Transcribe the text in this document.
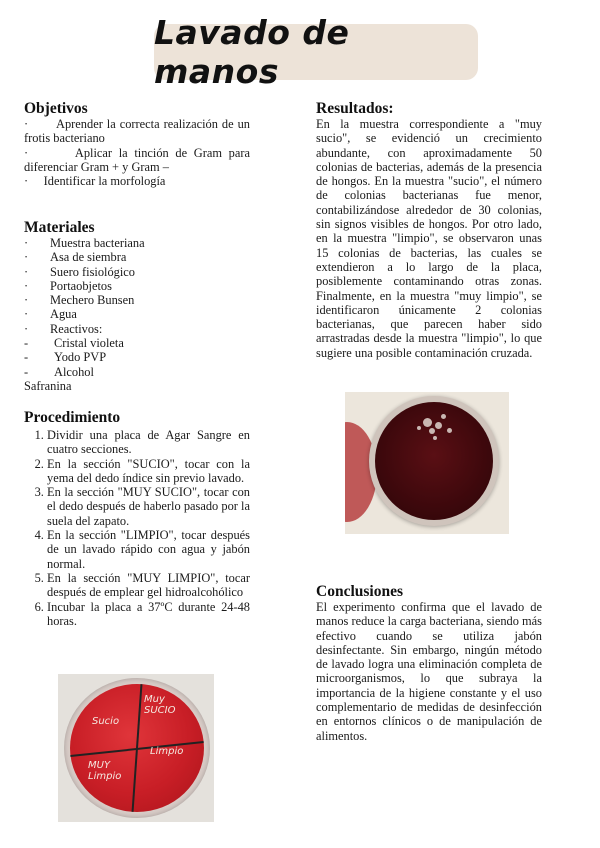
Lavado de manos
Objetivos
· Aprender la correcta realización de un frotis bacteriano
·	Aplicar la tinción de Gram para diferenciar Gram + y Gram –
· Identificar la morfología
Materiales
·	Muestra bacteriana
·	Asa de siembra
·	Suero fisiológico
·	Portaobjetos
·	Mechero Bunsen
·	Agua
·	Reactivos:
-	Cristal violeta
-	Yodo PVP
-	Alcohol
Safranina
Procedimiento
1. Dividir una placa de Agar Sangre en cuatro secciones.
2. En la sección "SUCIO", tocar con la yema del dedo índice sin previo lavado.
3. En la sección "MUY SUCIO", tocar con el dedo después de haberlo pasado por la suela del zapato.
4. En la sección "LIMPIO", tocar después de un lavado rápido con agua y jabón normal.
5. En la sección "MUY LIMPIO", tocar después de emplear gel hidroalcohólico
6. Incubar la placa a 37ºC durante 24-48 horas.
Muy SUCIO
Sucio
MUY Limpio
Limpio
Resultados:
En la muestra correspondiente a "muy sucio", se evidenció un crecimiento abundante, con aproximadamente 50 colonias de bacterias, además de la presencia de hongos. En la muestra "sucio", el número de colonias bacterianas fue menor, contabilizándose alrededor de 30 colonias, sin signos visibles de hongos. Por otro lado, en la muestra "limpio", se observaron unas 15 colonias de bacterias, las cuales se extendieron a lo largo de la placa, posiblemente contaminando otras zonas. Finalmente, en la muestra "muy limpio", se identificaron únicamente 2 colonias bacterianas, que parecen haber sido arrastradas desde la muestra "limpio", lo que sugiere una posible contaminación cruzada.
Conclusiones
El experimento confirma que el lavado de manos reduce la carga bacteriana, siendo más efectivo cuando se utiliza jabón desinfectante. Sin embargo, ningún método de lavado logra una eliminación completa de microorganismos, lo que subraya la importancia de la higiene constante y el uso complementario de medidas de desinfección en entornos clínicos o de manipulación de alimentos.
